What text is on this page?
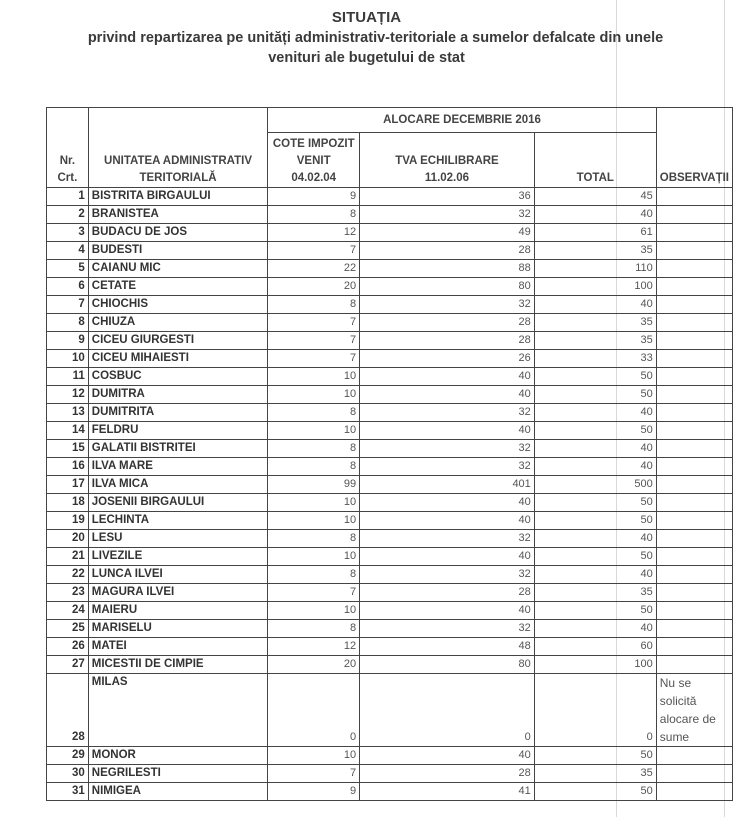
SITUAȚIA
privind repartizarea pe unități administrativ-teritoriale a sumelor defalcate din unele
venituri ale bugetului de stat
Nr.
Crt.

UNITATEA ADMINISTRATIV
TERITORIALĂ
	ALOCARE DECEMBRIE 2016	OBSERVAȚII

COTE IMPOZIT
VENIT
04.02.04

TVA ECHILIBRARE
11.02.06	TOTAL
1	BISTRITA BIRGAULUI	9	36	45	
2	BRANISTEA	8	32	40	
3	BUDACU DE JOS	12	49	61	
4	BUDESTI	7	28	35	
5	CAIANU MIC	22	88	110	
6	CETATE	20	80	100	
7	CHIOCHIS	8	32	40	
8	CHIUZA	7	28	35	
9	CICEU GIURGESTI	7	28	35	
10	CICEU MIHAIESTI	7	26	33	
11	COSBUC	10	40	50	
12	DUMITRA	10	40	50	
13	DUMITRITA	8	32	40	
14	FELDRU	10	40	50	
15	GALATII BISTRITEI	8	32	40	
16	ILVA MARE	8	32	40	
17	ILVA MICA	99	401	500	
18	JOSENII BIRGAULUI	10	40	50	
19	LECHINTA	10	40	50	
20	LESU	8	32	40	
21	LIVEZILE	10	40	50	
22	LUNCA ILVEI	8	32	40	
23	MAGURA ILVEI	7	28	35	
24	MAIERU	10	40	50	
25	MARISELU	8	32	40	
26	MATEI	12	48	60	
27	MICESTII DE CIMPIE	20	80	100	
28	MILAS	0	0	0	Nu se solicită alocare de sume
29	MONOR	10	40	50	
30	NEGRILESTI	7	28	35	
31	NIMIGEA	9	41	50	
